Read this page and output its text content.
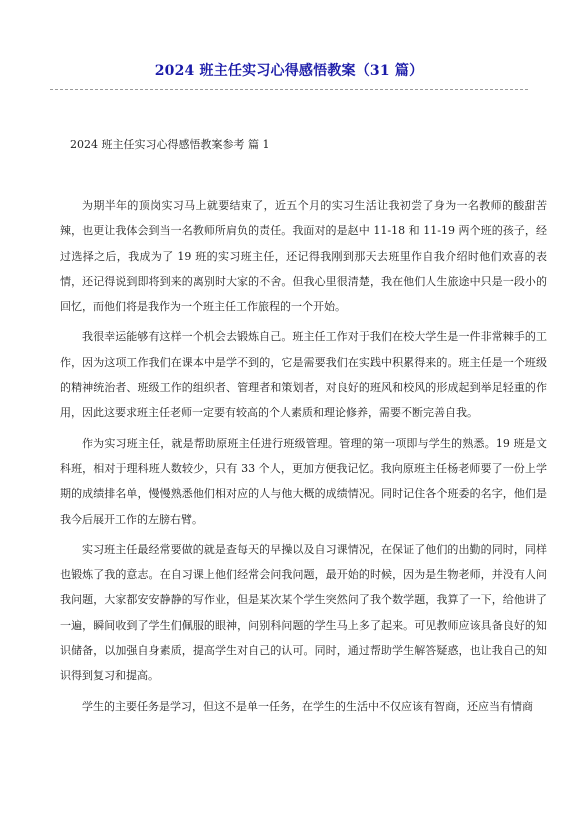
2024 班主任实习心得感悟教案（31 篇）
2024 班主任实习心得感悟教案参考 篇 1

为期半年的顶岗实习马上就要结束了，近五个月的实习生活让我初尝了身为一名教师的酸甜苦辣，也更让我体会到当一名教师所肩负的责任。我面对的是赵中 11-18 和 11-19 两个班的孩子，经过选择之后，我成为了 19 班的实习班主任，还记得我刚到那天去班里作自我介绍时他们欢喜的表情，还记得说到即将到来的离别时大家的不舍。但我心里很清楚，我在他们人生旅途中只是一段小的回忆，而他们将是我作为一个班主任工作旅程的一个开始。

我很幸运能够有这样一个机会去锻炼自己。班主任工作对于我们在校大学生是一件非常棘手的工作，因为这项工作我们在课本中是学不到的，它是需要我们在实践中积累得来的。班主任是一个班级的精神统治者、班级工作的组织者、管理者和策划者，对良好的班风和校风的形成起到举足轻重的作用，因此这要求班主任老师一定要有较高的个人素质和理论修养，需要不断完善自我。

作为实习班主任，就是帮助原班主任进行班级管理。管理的第一项即与学生的熟悉。19 班是文科班，相对于理科班人数较少，只有 33 个人，更加方便我记忆。我向原班主任杨老师要了一份上学期的成绩排名单，慢慢熟悉他们相对应的人与他大概的成绩情况。同时记住各个班委的名字，他们是我今后展开工作的左膀右臂。

实习班主任最经常要做的就是查每天的早操以及自习课情况，在保证了他们的出勤的同时，同样也锻炼了我的意志。在自习课上他们经常会问我问题，最开始的时候，因为是生物老师，并没有人问我问题，大家都安安静静的写作业，但是某次某个学生突然问了我个数学题，我算了一下，给他讲了一遍，瞬间收到了学生们佩服的眼神，问别科问题的学生马上多了起来。可见教师应该具备良好的知识储备，以加强自身素质，提高学生对自己的认可。同时，通过帮助学生解答疑惑，也让我自己的知识得到复习和提高。

学生的主要任务是学习，但这不是单一任务，在学生的生活中不仅应该有智商，还应当有情商
